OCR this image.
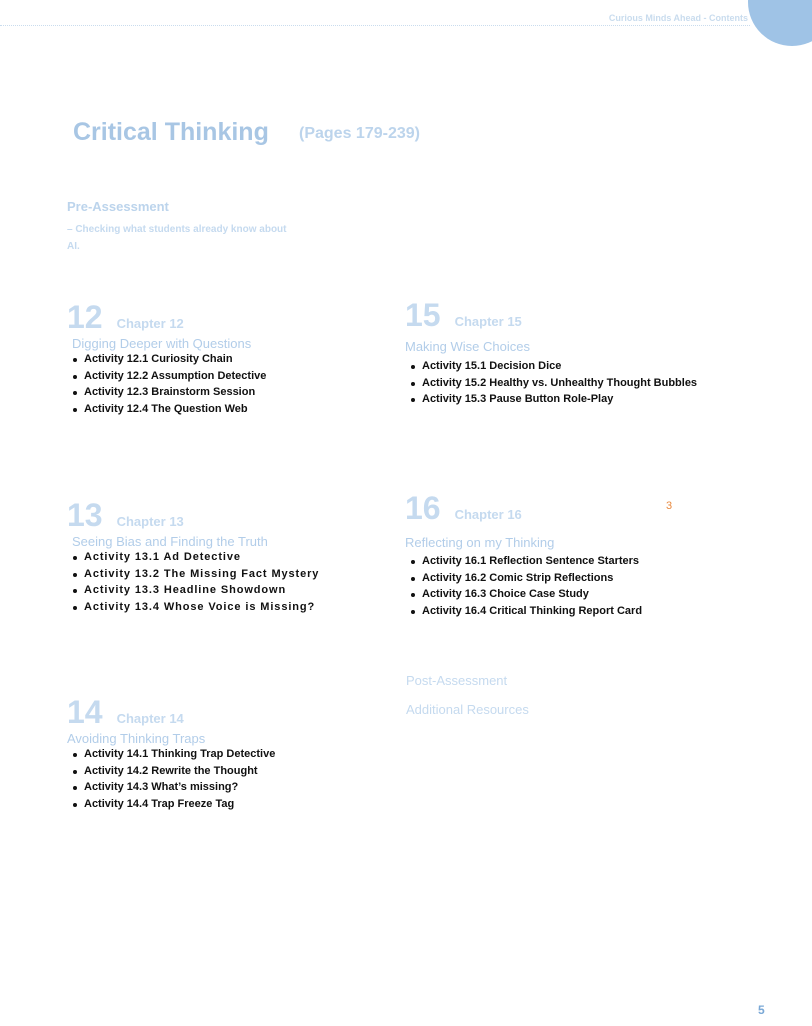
Curious Minds Ahead - Contents
Critical Thinking (Pages 179-239)
Pre-Assessment
– Checking what students already know about AI.
12 Chapter 12
Digging Deeper with Questions
Activity 12.1 Curiosity Chain
Activity 12.2 Assumption Detective
Activity 12.3 Brainstorm Session
Activity 12.4 The Question Web
13 Chapter 13
Seeing Bias and Finding the Truth
Activity 13.1 Ad Detective
Activity 13.2 The Missing Fact Mystery
Activity 13.3 Headline Showdown
Activity 13.4 Whose Voice is Missing?
14 Chapter 14
Avoiding Thinking Traps
Activity 14.1 Thinking Trap Detective
Activity 14.2 Rewrite the Thought
Activity 14.3 What’s missing?
Activity 14.4 Trap Freeze Tag
15 Chapter 15
Making Wise Choices
Activity 15.1 Decision Dice
Activity 15.2 Healthy vs. Unhealthy Thought Bubbles
Activity 15.3 Pause Button Role-Play
16 Chapter 16
Reflecting on my Thinking
Activity 16.1 Reflection Sentence Starters
Activity 16.2 Comic Strip Reflections
Activity 16.3 Choice Case Study
Activity 16.4 Critical Thinking Report Card
3
Post-Assessment
Additional Resources
5
